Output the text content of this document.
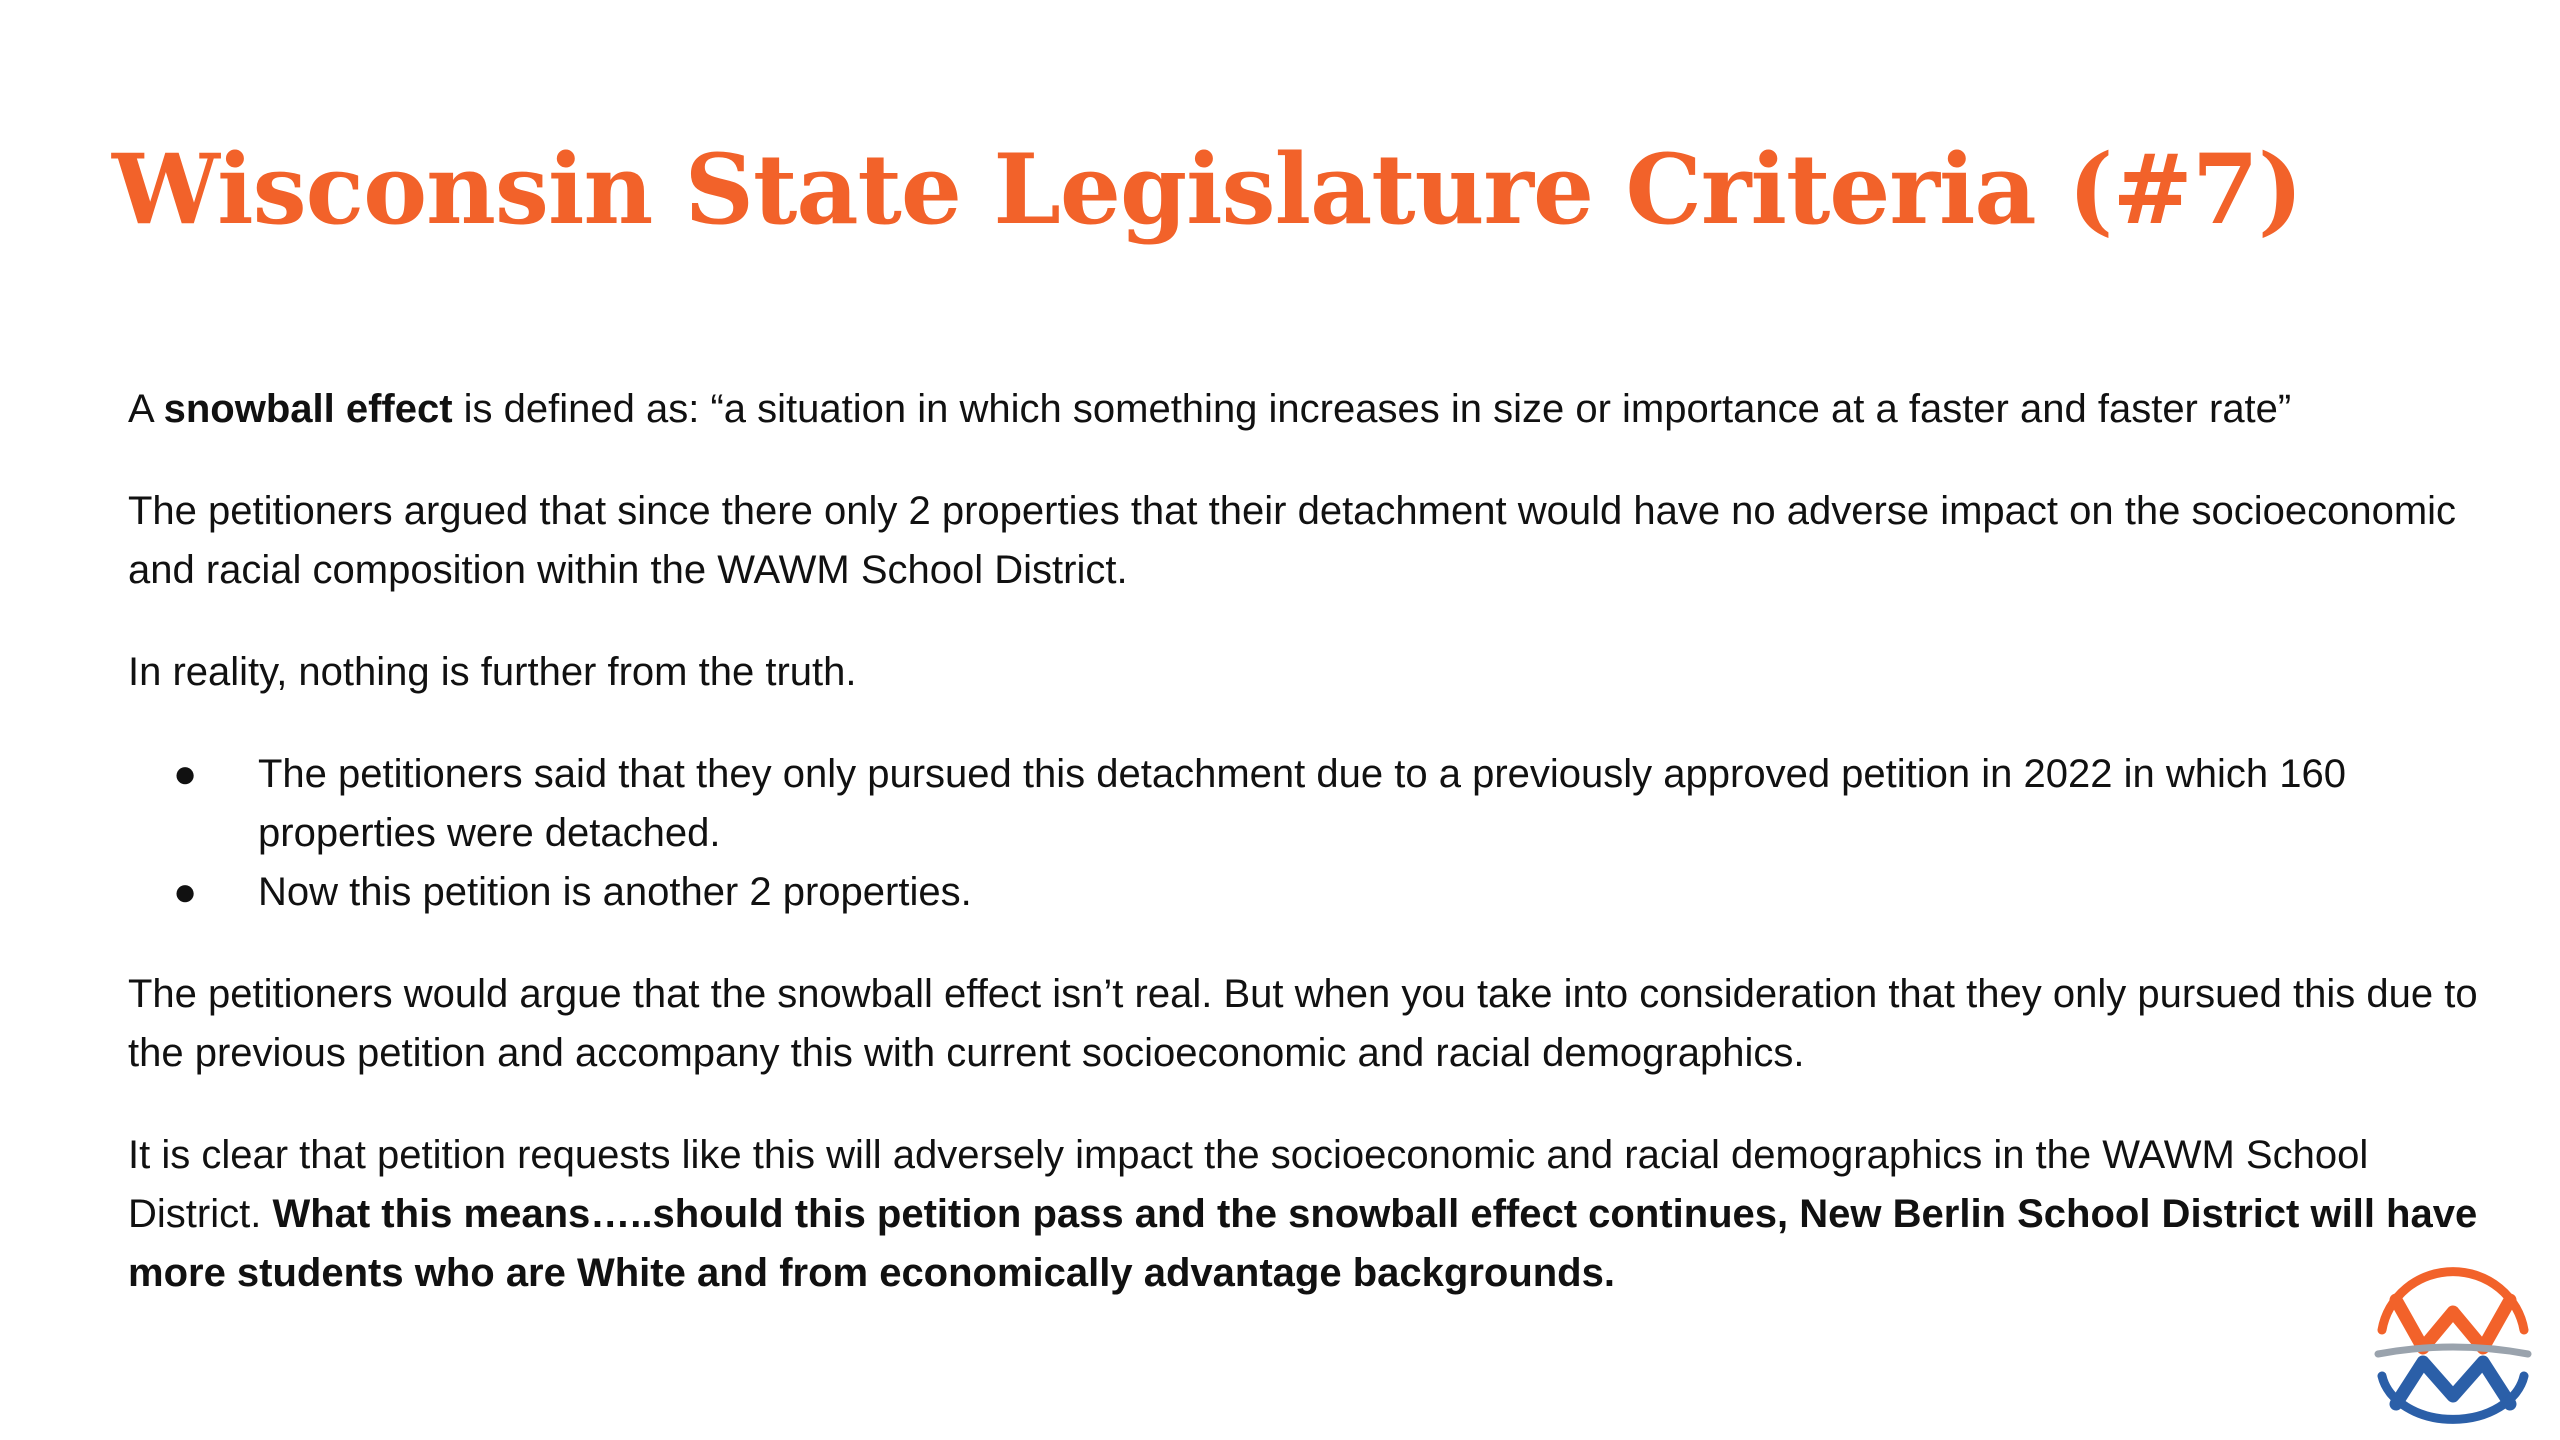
Wisconsin State Legislature Criteria (#7)

A snowball effect is defined as: “a situation in which something increases in size or importance at a faster and faster rate”

The petitioners argued that since there only 2 properties that their detachment would have no adverse impact on the socioeconomic and racial composition within the WAWM School District.

In reality, nothing is further from the truth.

● The petitioners said that they only pursued this detachment due to a previously approved petition in 2022 in which 160 properties were detached.
● Now this petition is another 2 properties.

The petitioners would argue that the snowball effect isn’t real. But when you take into consideration that they only pursued this due to the previous petition and accompany this with current socioeconomic and racial demographics.

It is clear that petition requests like this will adversely impact the socioeconomic and racial demographics in the WAWM School District. What this means…..should this petition pass and the snowball effect continues, New Berlin School District will have more students who are White and from economically advantage backgrounds.
